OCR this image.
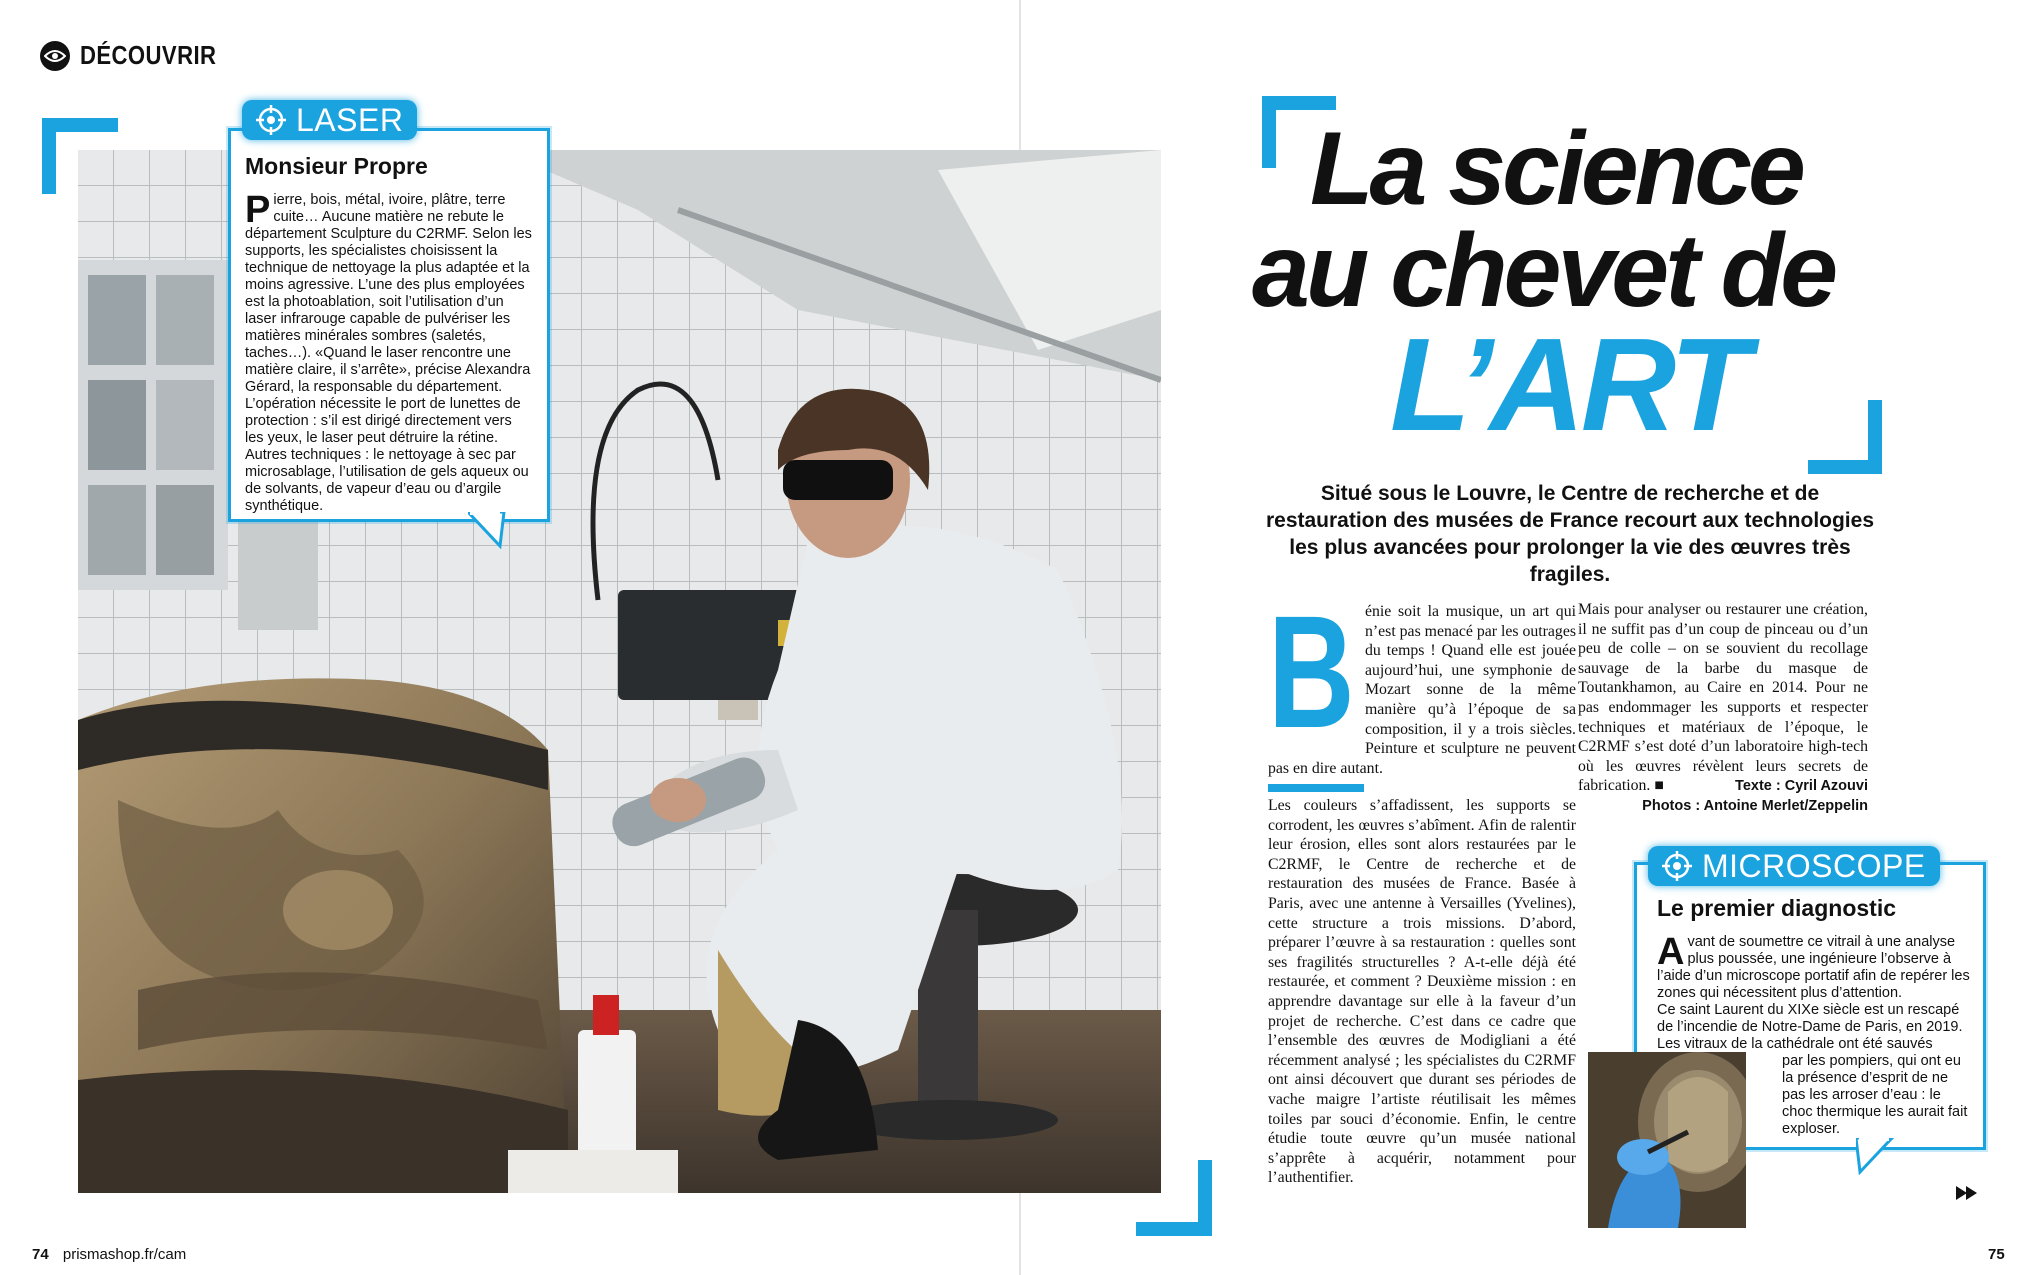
DÉCOUVRIR
Monsieur Propre
P ierre, bois, métal, ivoire, plâtre, terre cuite… Aucune matière ne rebute le département Sculpture du C2RMF. Selon les supports, les spécialistes choisissent la technique de nettoyage la plus adaptée et la moins agressive. L’une des plus employées est la photoablation, soit l’utilisation d’un laser infrarouge capable de pulvériser les matières minérales sombres (saletés, taches…). «Quand le laser rencontre une matière claire, il s’arrête», précise Alexandra Gérard, la responsable du département. L’opération nécessite le port de lunettes de protection : s’il est dirigé directement vers les yeux, le laser peut détruire la rétine. Autres techniques : le nettoyage à sec par microsablage, l’utilisation de gels aqueux ou de solvants, de vapeur d’eau ou d’argile synthétique.

LASER	La science
au chevet de
L’ART
Situé sous le Louvre, le Centre de recherche et de restauration des musées de France recourt aux technologies les plus avancées pour prolonger la vie des œuvres très fragiles.
B énie soit la musique, un art qui n’est pas menacé par les outrages du temps ! Quand elle est jouée aujourd’hui, une symphonie de Mozart sonne de la même manière qu’à l’époque de sa composition, il y a trois siècles. Peinture et sculpture ne peuvent pas en dire autant.
Les couleurs s’affadissent, les supports se corrodent, les œuvres s’abîment. Afin de ralentir leur érosion, elles sont alors restaurées par le C2RMF, le Centre de recherche et de restauration des musées de France. Basée à Paris, avec une antenne à Versailles (Yvelines), cette structure a trois missions. D’abord, préparer l’œuvre à sa restauration : quelles sont ses fragilités structurelles ? A-t-elle déjà été restaurée, et comment ? Deuxième mission : en apprendre davantage sur elle à la faveur d’un projet de recherche. C’est dans ce cadre que l’ensemble des œuvres de Modigliani a été récemment analysé ; les spécialistes du C2RMF ont ainsi découvert que durant ses périodes de vache maigre l’artiste réutilisait les mêmes toiles par souci d’économie. Enfin, le centre étudie toute œuvre qu’un musée national s’apprête à acquérir, notamment pour l’authentifier.
Mais pour analyser ou restaurer une création, il ne suffit pas d’un coup de pinceau ou d’un peu de colle – on se souvient du recollage sauvage de la barbe du masque de Toutankhamon, au Caire en 2014. Pour ne pas endommager les supports et respecter techniques et matériaux de l’époque, le C2RMF s’est doté d’un laboratoire high-tech où les œuvres révèlent leurs secrets de fabrication. ■	Texte : Cyril Azouvi
Photos : Antoine Merlet/Zeppelin
Le premier diagnostic
A vant de soumettre ce vitrail à une analyse plus poussée, une ingénieure l’observe à l’aide d’un microscope portatif afin de repérer les zones qui nécessitent plus d’attention.

Ce saint Laurent du XIXe siècle est un rescapé de l’incendie de Notre-Dame de Paris, en 2019. Les vitraux de la cathédrale ont été sauvés

par les pompiers, qui ont eu la présence d’esprit de ne pas les arroser d’eau : le choc thermique les aurait fait exploser.

MICROSCOPE
74 prismashop.fr/cam	75
